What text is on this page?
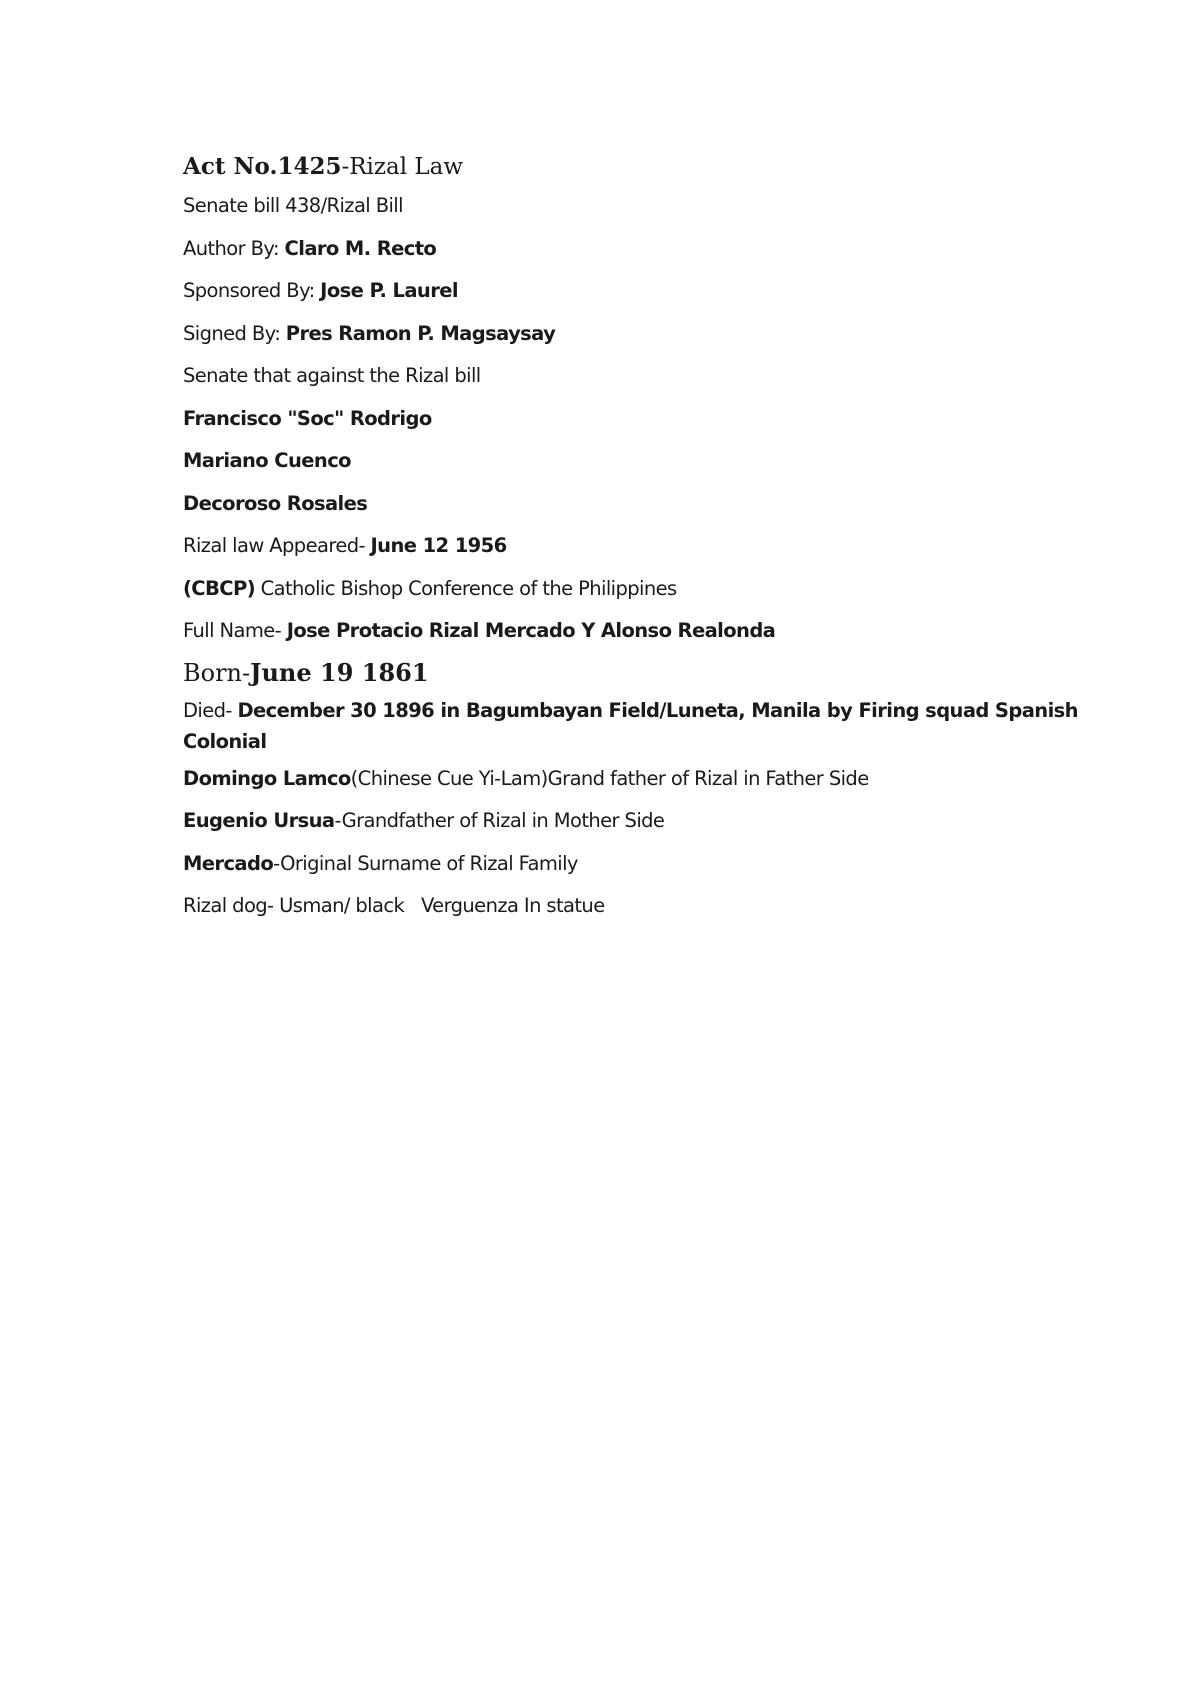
Act No.1425-Rizal Law
Senate bill 438/Rizal Bill
Author By: Claro M. Recto
Sponsored By: Jose P. Laurel
Signed By: Pres Ramon P. Magsaysay
Senate that against the Rizal bill
Francisco "Soc" Rodrigo
Mariano Cuenco
Decoroso Rosales
Rizal law Appeared- June 12 1956
(CBCP) Catholic Bishop Conference of the Philippines
Full Name- Jose Protacio Rizal Mercado Y Alonso Realonda
Born-June 19 1861
Died- December 30 1896 in Bagumbayan Field/Luneta, Manila by Firing squad Spanish Colonial
Domingo Lamco(Chinese Cue Yi-Lam)Grand father of Rizal in Father Side
Eugenio Ursua-Grandfather of Rizal in Mother Side
Mercado-Original Surname of Rizal Family
Rizal dog- Usman/ black   Verguenza In statue
